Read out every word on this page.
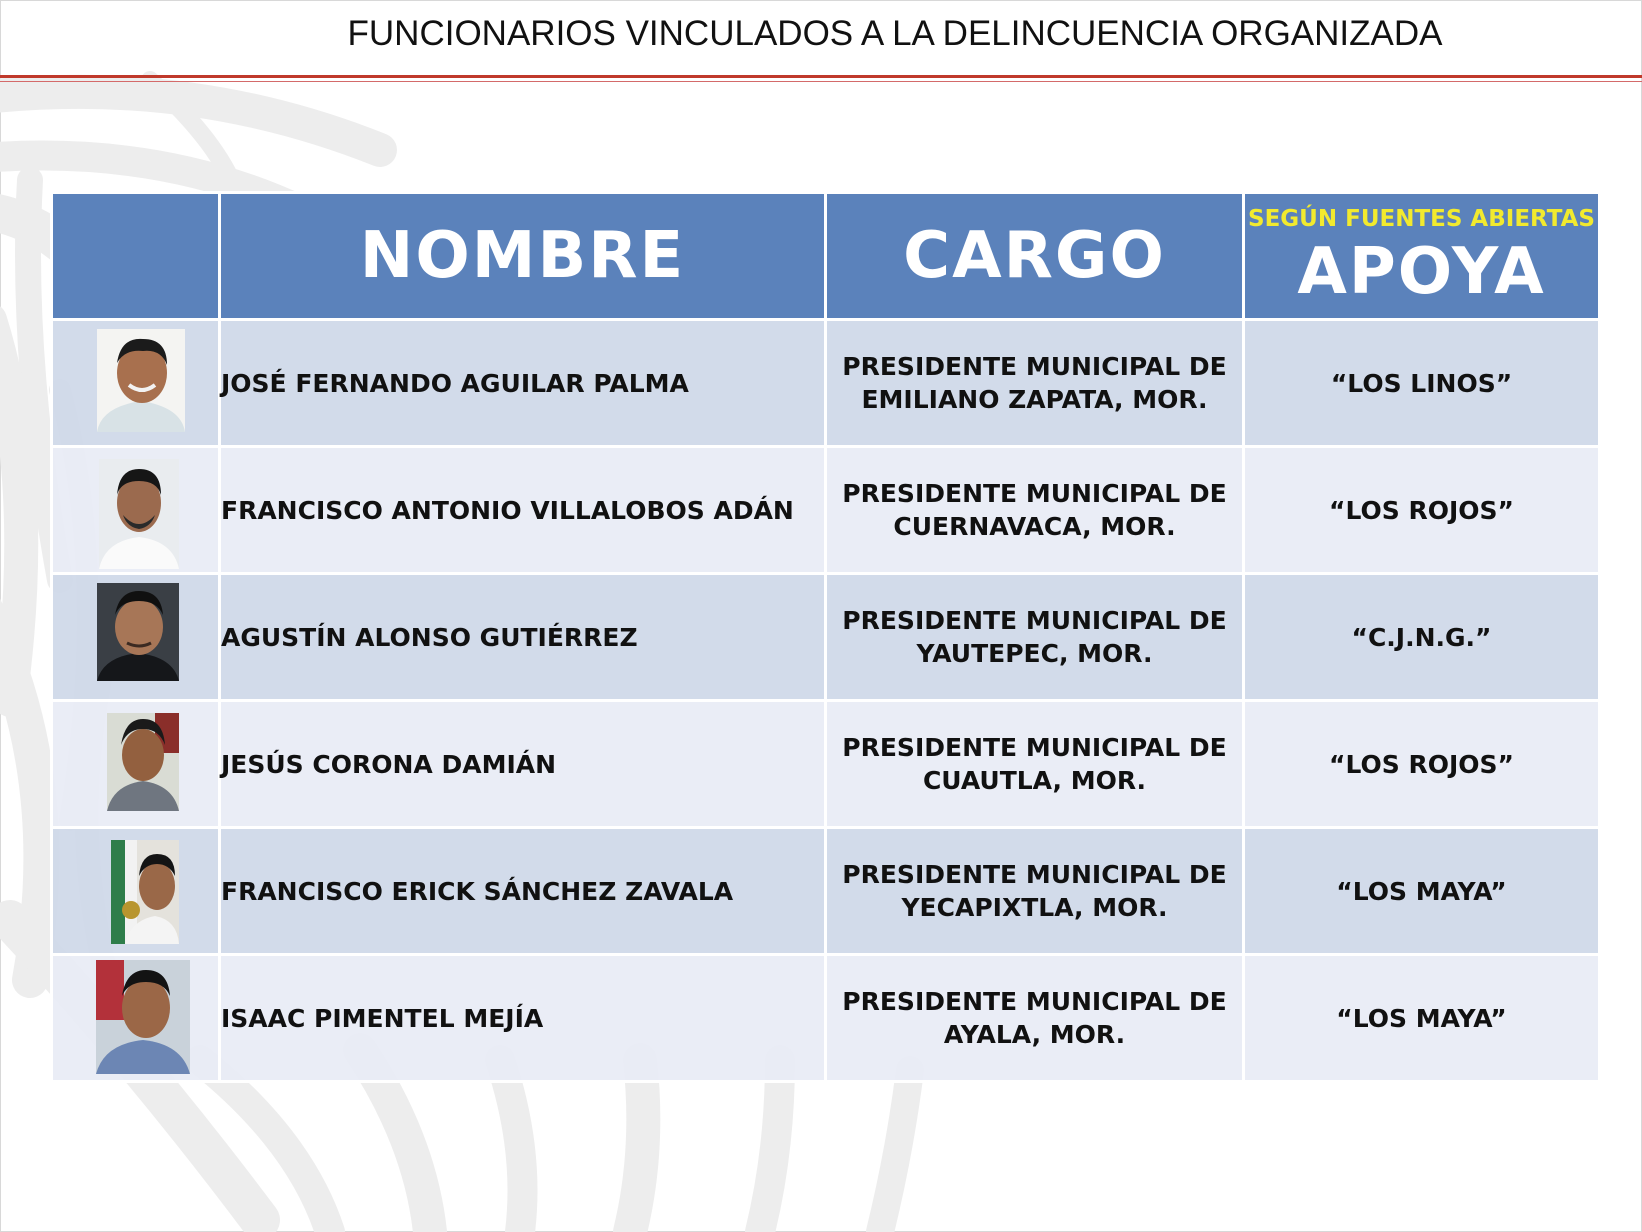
FUNCIONARIOS VINCULADOS A LA DELINCUENCIA ORGANIZADA
	NOMBRE	CARGO	SEGÚN FUENTES ABIERTAS
APOYA

	JOSÉ FERNANDO AGUILAR PALMA	PRESIDENTE MUNICIPAL DE
EMILIANO ZAPATA, MOR.	“LOS LINOS”

	FRANCISCO ANTONIO VILLALOBOS ADÁN	PRESIDENTE MUNICIPAL DE
CUERNAVACA, MOR.	“LOS ROJOS”

	AGUSTÍN ALONSO GUTIÉRREZ	PRESIDENTE MUNICIPAL DE
YAUTEPEC, MOR.	“C.J.N.G.”

	JESÚS CORONA DAMIÁN	PRESIDENTE MUNICIPAL DE
CUAUTLA, MOR.	“LOS ROJOS”

	FRANCISCO ERICK SÁNCHEZ ZAVALA	PRESIDENTE MUNICIPAL DE
YECAPIXTLA, MOR.	“LOS MAYA”

	ISAAC PIMENTEL MEJÍA	PRESIDENTE MUNICIPAL DE
AYALA, MOR.	“LOS MAYA”
